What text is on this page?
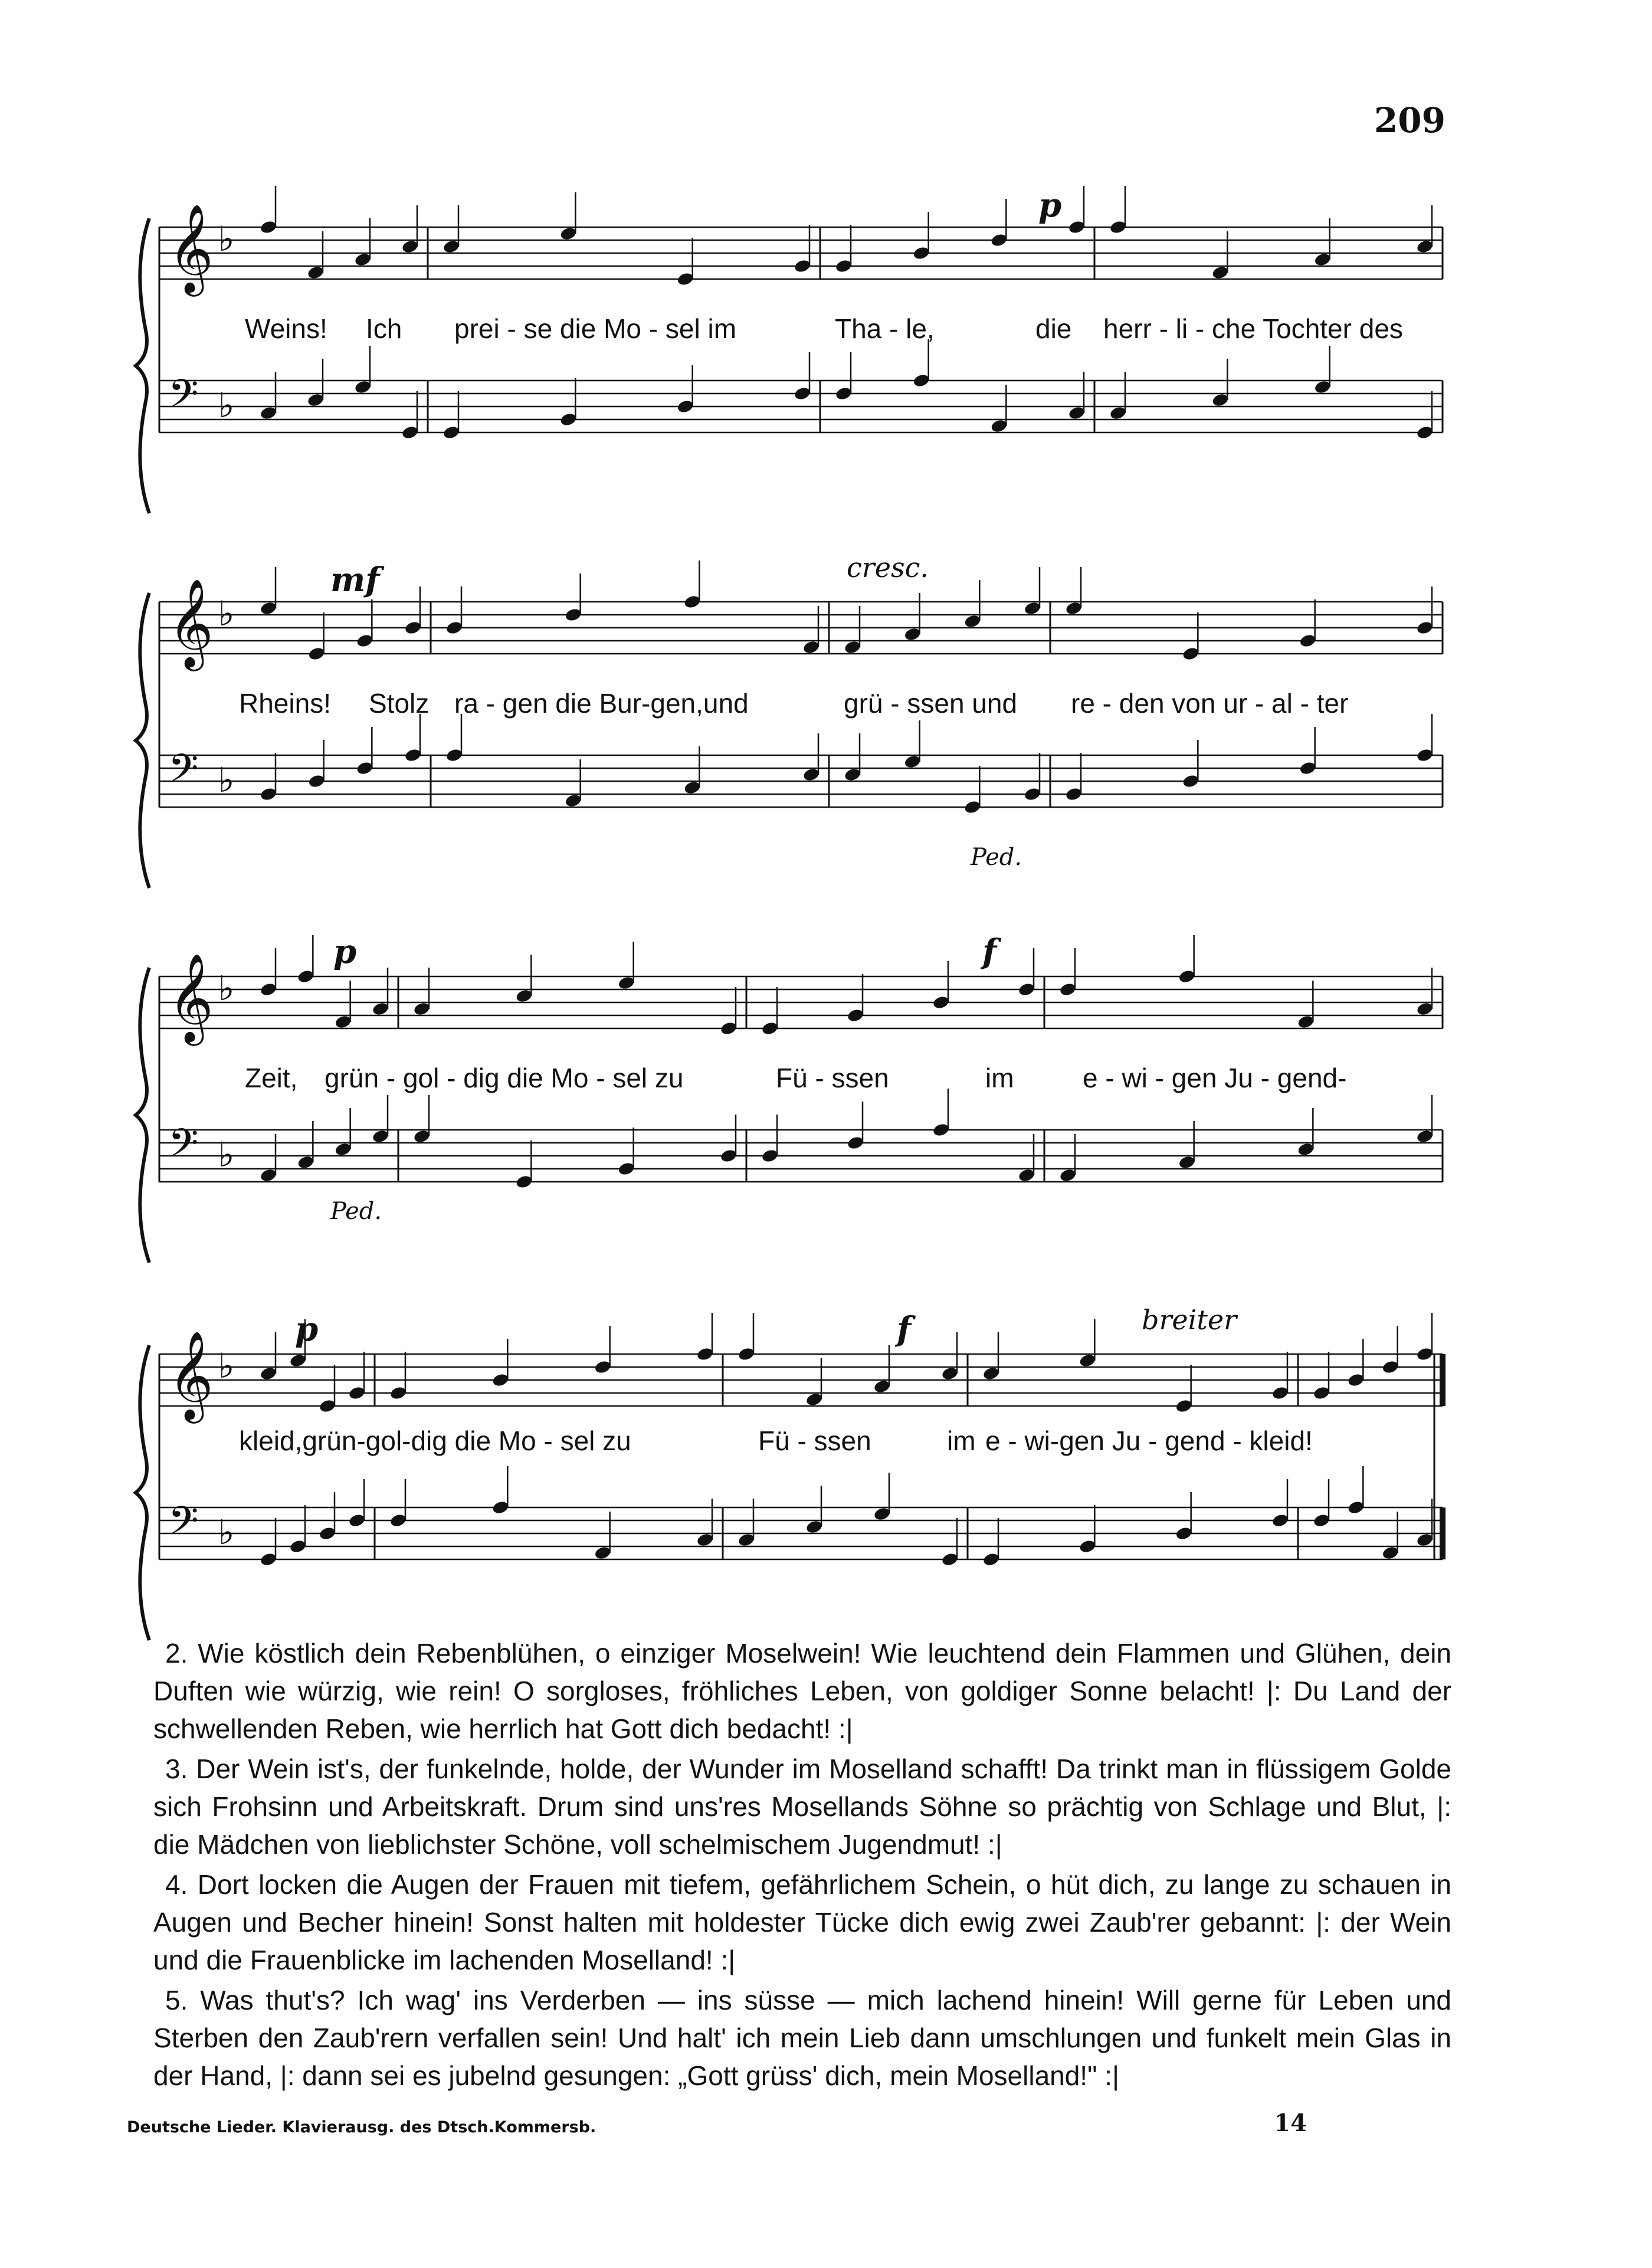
209
𝄞 ♭
𝄢 ♭
p
Weins! Ich prei - se die Mo - sel im	Tha - le,	die herr - li - che Tochter des
𝄞 ♭
𝄢 ♭
mf	cresc.
Rheins! Stolz ra - gen die Bur-gen,und	grü - ssen und re - den von ur - al - ter
Ped.
𝄞 ♭
𝄢 ♭
p	f
Zeit, grün - gol - dig die Mo - sel zu	Fü - ssen	im	e - wi - gen Ju - gend-
Ped.
𝄞 ♭
𝄢 ♭
p	f	breiter
kleid,grün-gol-dig die Mo - sel zu	Fü - ssen	im e - wi-gen Ju - gend - kleid!

2. Wie köstlich dein Rebenblühen, o einziger Moselwein! Wie leuchtend dein Flammen und Glühen, dein Duften wie würzig, wie rein! O sorgloses, fröhliches Leben, von goldiger Sonne belacht! |: Du Land der schwellenden Reben, wie herrlich hat Gott dich bedacht! :|

3. Der Wein ist's, der funkelnde, holde, der Wunder im Moselland schafft! Da trinkt man in flüssigem Golde sich Frohsinn und Arbeitskraft. Drum sind uns'res Mosellands Söhne so prächtig von Schlage und Blut, |: die Mädchen von lieblichster Schöne, voll schelmischem Jugendmut! :|

4. Dort locken die Augen der Frauen mit tiefem, gefährlichem Schein, o hüt dich, zu lange zu schauen in Augen und Becher hinein! Sonst halten mit holdester Tücke dich ewig zwei Zaub'rer gebannt: |: der Wein und die Frauenblicke im lachenden Moselland! :|

5. Was thut's? Ich wag' ins Verderben — ins süsse — mich lachend hinein! Will gerne für Leben und Sterben den Zaub'rern verfallen sein! Und halt' ich mein Lieb dann umschlungen und funkelt mein Glas in der Hand, |: dann sei es jubelnd gesungen: „Gott grüss' dich, mein Moselland!" :|

Deutsche Lieder. Klavierausg. des Dtsch.Kommersb.	14
